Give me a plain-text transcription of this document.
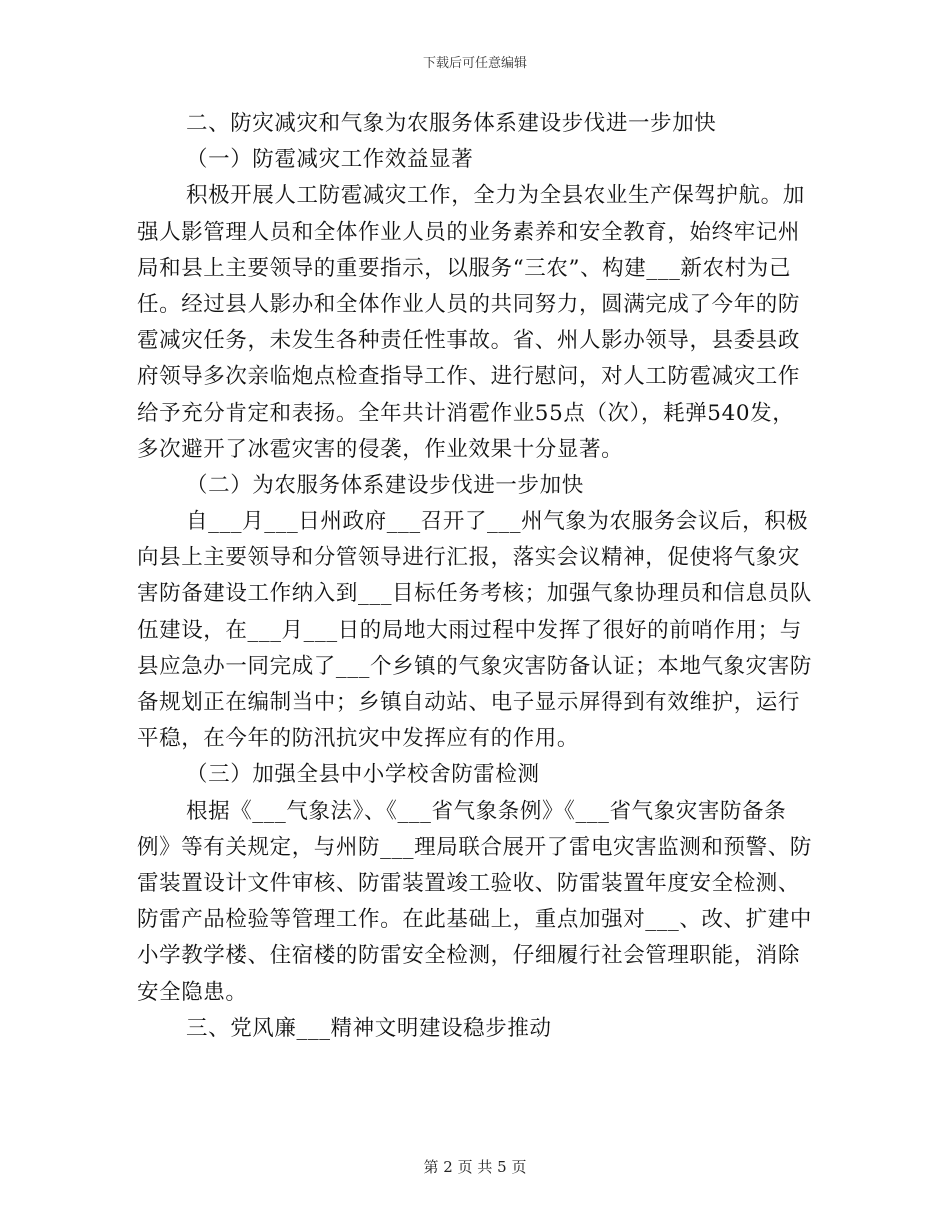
下载后可任意编辑
二、防灾减灾和气象为农服务体系建设步伐进一步加快
（一）防雹减灾工作效益显著
积极开展人工防雹减灾工作，全力为全县农业生产保驾护航。加
强人影管理人员和全体作业人员的业务素养和安全教育，始终牢记州
局和县上主要领导的重要指示，以服务“三农”、构建___新农村为己
任。经过县人影办和全体作业人员的共同努力，圆满完成了今年的防
雹减灾任务，未发生各种责任性事故。省、州人影办领导，县委县政
府领导多次亲临炮点检查指导工作、进行慰问，对人工防雹减灾工作
给予充分肯定和表扬。全年共计消雹作业55点（次），耗弹540发，
多次避开了冰雹灾害的侵袭，作业效果十分显著。
（二）为农服务体系建设步伐进一步加快
自___月___日州政府___召开了___州气象为农服务会议后，积极
向县上主要领导和分管领导进行汇报，落实会议精神，促使将气象灾
害防备建设工作纳入到___目标任务考核；加强气象协理员和信息员队
伍建设，在___月___日的局地大雨过程中发挥了很好的前哨作用；与
县应急办一同完成了___个乡镇的气象灾害防备认证；本地气象灾害防
备规划正在编制当中；乡镇自动站、电子显示屏得到有效维护，运行
平稳，在今年的防汛抗灾中发挥应有的作用。
（三）加强全县中小学校舍防雷检测
根据《___气象法》、《___省气象条例》《___省气象灾害防备条
例》等有关规定，与州防___理局联合展开了雷电灾害监测和预警、防
雷装置设计文件审核、防雷装置竣工验收、防雷装置年度安全检测、
防雷产品检验等管理工作。在此基础上，重点加强对___、改、扩建中
小学教学楼、住宿楼的防雷安全检测，仔细履行社会管理职能，消除
安全隐患。
三、党风廉___精神文明建设稳步推动
第 2 页 共 5 页
